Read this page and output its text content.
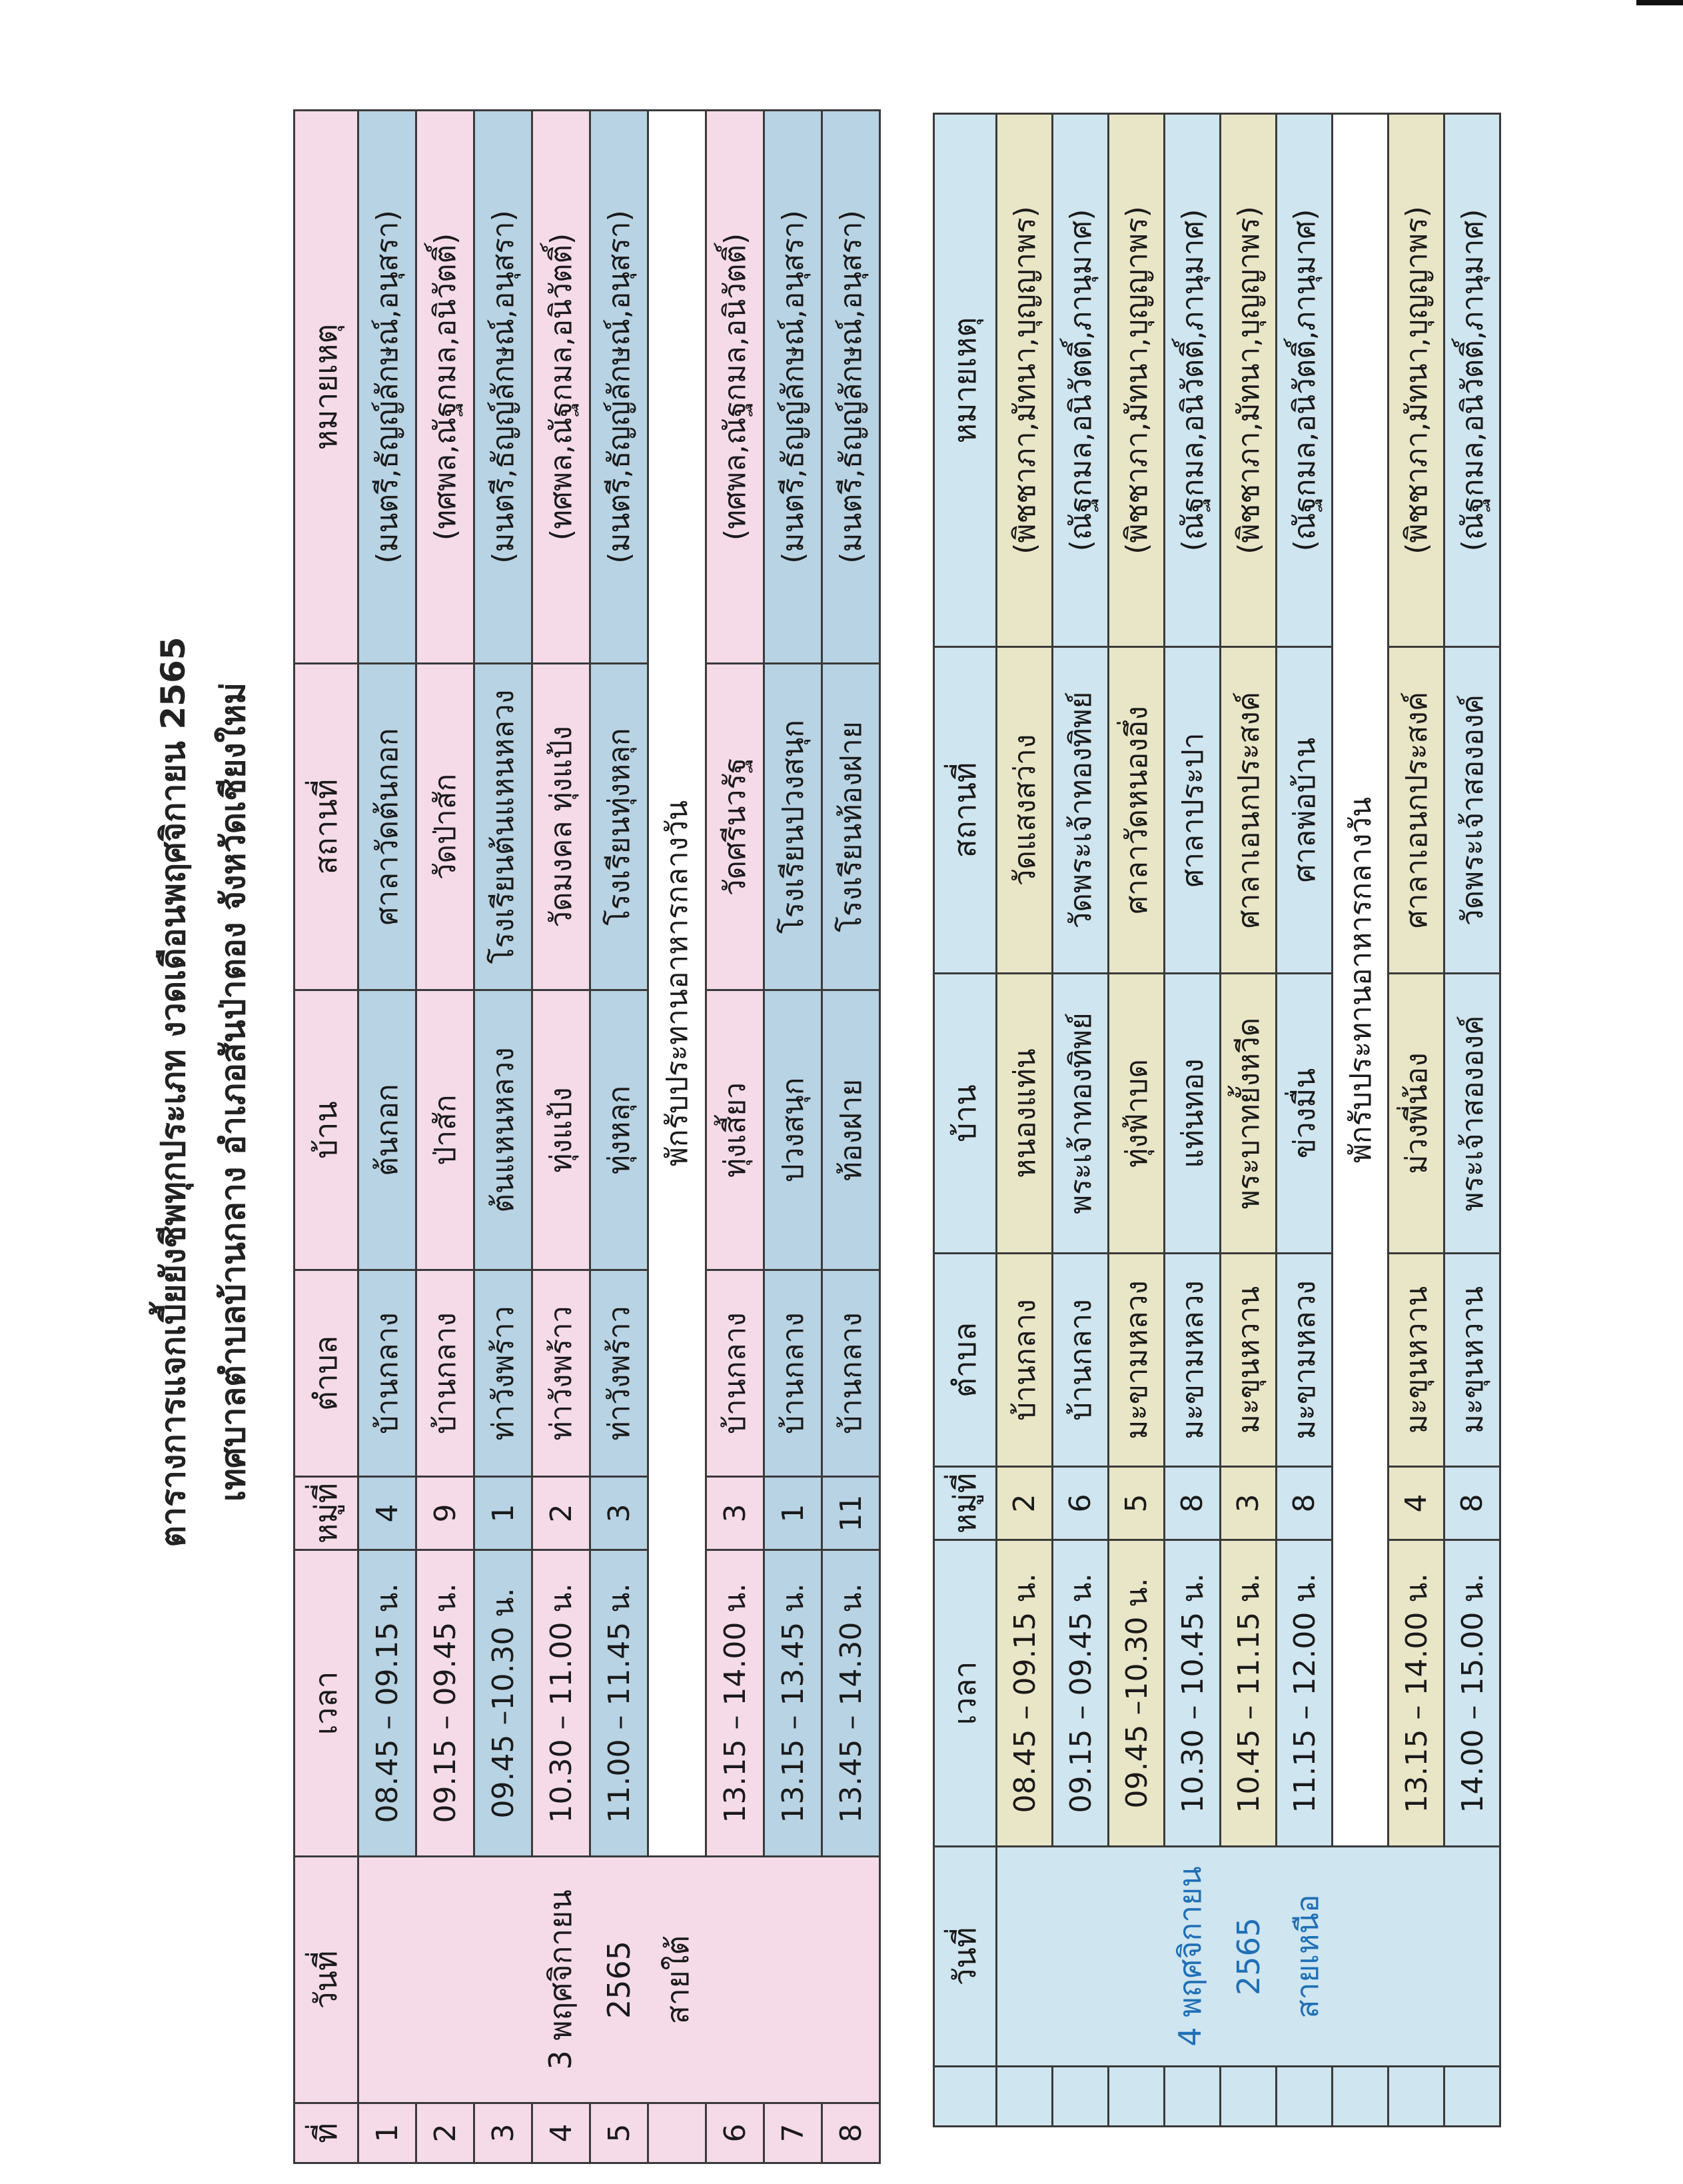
ตารางการแจกเบี้ยยังชีพทุกประเภท งวดเดือนพฤศจิกายน 2565 เทศบาลตำบลบ้านกลาง อำเภอสันป่าตอง จังหวัดเชียงใหม่
ที่	วันที่	เวลา	หมู่ที่	ตำบล	บ้าน	สถานที่	หมายเหตุ
1	3 พฤศจิกายน 2565 สายใต้	08.45 – 09.15 น.	4	บ้านกลาง	ต้นกอก	ศาลาวัดต้นกอก	(มนตรี,ธัญญ์ลักษณ์,อนุสรา)
2		09.15 – 09.45 น.	9	บ้านกลาง	ป่าสัก	วัดป่าสัก	(ทศพล,ณัฐกมล,อนิวัตติ์)
3		09.45 –10.30 น.	1	ท่าวังพร้าว	ต้นแหนหลวง	โรงเรียนต้นแหนหลวง	(มนตรี,ธัญญ์ลักษณ์,อนุสรา)
4		10.30 – 11.00 น.	2	ท่าวังพร้าว	ทุ่งแป้ง	วัดมงคล ทุ่งแป้ง	(ทศพล,ณัฐกมล,อนิวัตติ์)
5		11.00 – 11.45 น.	3	ท่าวังพร้าว	ทุ่งหลุก	โรงเรียนทุ่งหลุก	(มนตรี,ธัญญ์ลักษณ์,อนุสรา)
		พักรับประทานอาหารกลางวัน					
6		13.15 – 14.00 น.	3	บ้านกลาง	ทุ่งเสี้ยว	วัดศรีนวรัฐ	(ทศพล,ณัฐกมล,อนิวัตติ์)
7		13.15 – 13.45 น.	1	บ้านกลาง	ปวงสนุก	โรงเรียนปวงสนุก	(มนตรี,ธัญญ์ลักษณ์,อนุสรา)
8		13.45 – 14.30 น.	11	บ้านกลาง	ท้องฝาย	โรงเรียนท้องฝาย	(มนตรี,ธัญญ์ลักษณ์,อนุสรา)
	วันที่	เวลา	หมู่ที่	ตำบล	บ้าน	สถานที่	หมายเหตุ

	4 พฤศจิกายน 2565 สายเหนือ	08.45 – 09.15 น.	2	บ้านกลาง	หนองแท่น	วัดแสงสว่าง	(พิชชาภา,มัทนา,บุญญาพร)
		09.15 – 09.45 น.	6	บ้านกลาง	พระเจ้าทองทิพย์	วัดพระเจ้าทองทิพย์	(ณัฐกมล,อนิวัตติ์,ภานุมาศ)
		09.45 –10.30 น.	5	มะขามหลวง	ทุ่งฟ้าบด	ศาลาวัดหนองอึ่ง	(พิชชาภา,มัทนา,บุญญาพร)
		10.30 – 10.45 น.	8	มะขามหลวง	แท่นทอง	ศาลาประปา	(ณัฐกมล,อนิวัตติ์,ภานุมาศ)
		10.45 – 11.15 น.	3	มะขุนหวาน	พระบาทยั้งหวีด	ศาลาเอนกประสงค์	(พิชชาภา,มัทนา,บุญญาพร)
		11.15 – 12.00 น.	8	มะขามหลวง	ข่วงมื่น	ศาลพ่อบ้าน	(ณัฐกมล,อนิวัตติ์,ภานุมาศ)
		พักรับประทานอาหารกลางวัน					
		13.15 – 14.00 น.	4	มะขุนหวาน	ม่วงพี่น้อง	ศาลาเอนกประสงค์	(พิชชาภา,มัทนา,บุญญาพร)
		14.00 – 15.00 น.	8	มะขุนหวาน	พระเจ้าสององค์	วัดพระเจ้าสององค์	(ณัฐกมล,อนิวัตติ์,ภานุมาศ)
